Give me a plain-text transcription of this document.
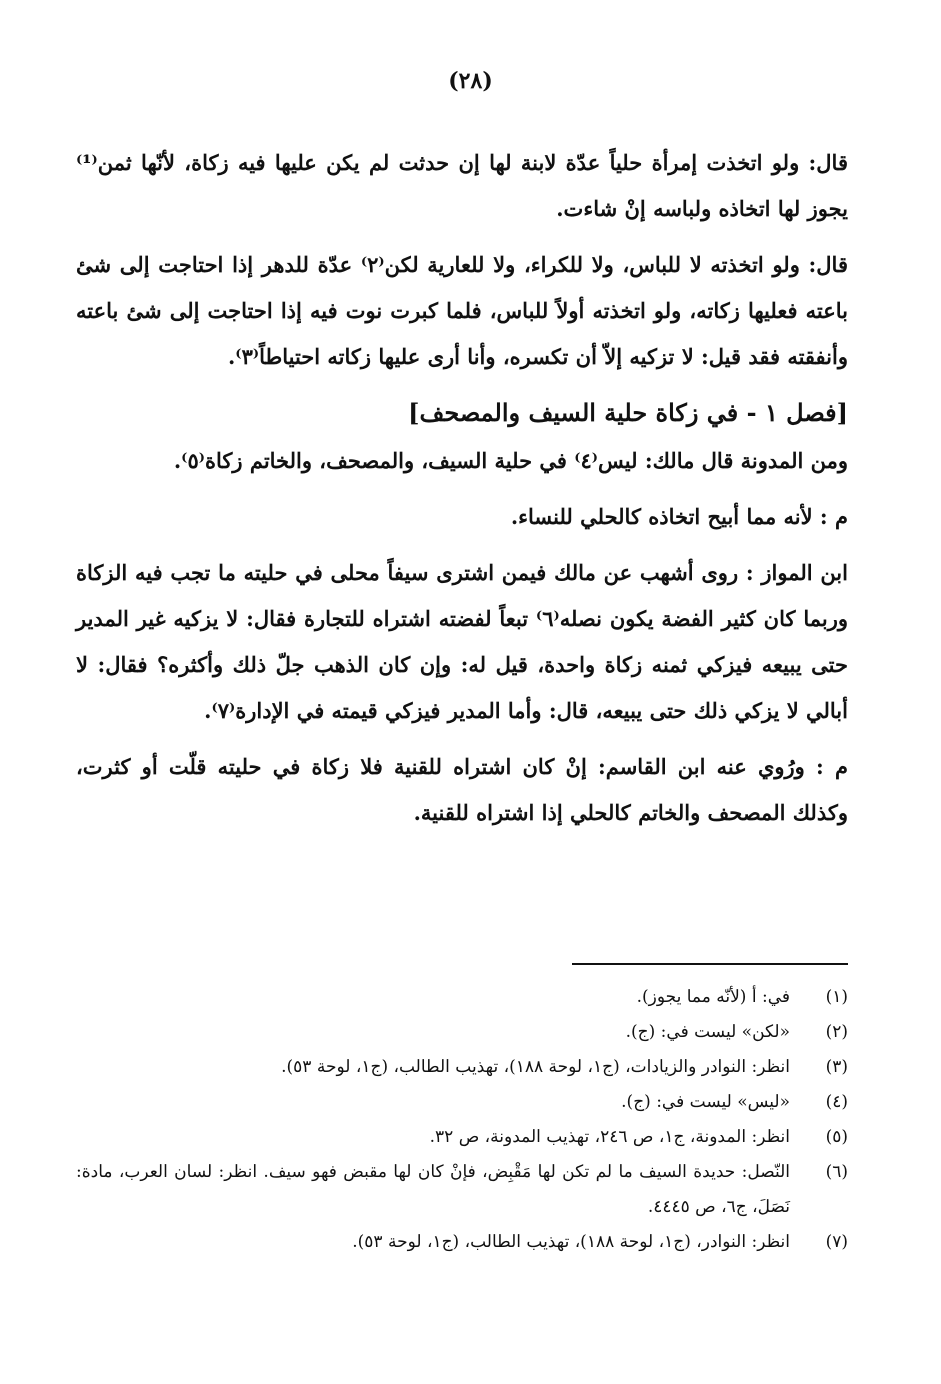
(٢٨)

قال: ولو اتخذت إمرأة حلياً عدّة لابنة لها إن حدثت لم يكن عليها فيه زكاة، لأنّها ثمن⁽¹⁾ يجوز لها اتخاذه ولباسه إنْ شاءت.

قال: ولو اتخذته لا للباس، ولا للكراء، ولا للعارية لكن⁽٢⁾ عدّة للدهر إذا احتاجت إلى شئ باعته فعليها زكاته، ولو اتخذته أولاً للباس، فلما كبرت نوت فيه إذا احتاجت إلى شئ باعته وأنفقته فقد قيل: لا تزكيه إلاّ أن تكسره، وأنا أرى عليها زكاته احتياطاً⁽٣⁾.

[فصل ١ - في زكاة حلية السيف والمصحف]

ومن المدونة قال مالك: ليس⁽٤⁾ في حلية السيف، والمصحف، والخاتم زكاة⁽٥⁾.

م : لأنه مما أبيح اتخاذه كالحلي للنساء.

ابن المواز : روى أشهب عن مالك فيمن اشترى سيفاً محلى في حليته ما تجب فيه الزكاة وربما كان كثير الفضة يكون نصله⁽٦⁾ تبعاً لفضته اشتراه للتجارة فقال: لا يزكيه غير المدير حتى يبيعه فيزكي ثمنه زكاة واحدة، قيل له: وإن كان الذهب جلّ ذلك وأكثره؟ فقال: لا أبالي لا يزكي ذلك حتى يبيعه، قال: وأما المدير فيزكي قيمته في الإدارة⁽٧⁾.

م : ورُوي عنه ابن القاسم: إنْ كان اشتراه للقنية فلا زكاة في حليته قلّت أو كثرت، وكذلك المصحف والخاتم كالحلي إذا اشتراه للقنية.

(١)
في: أ (لأنّه مما يجوز).
(٢)
«لكن» ليست في: (ج).
(٣)
انظر: النوادر والزيادات، (ج١، لوحة ١٨٨)، تهذيب الطالب، (ج١، لوحة ٥٣).
(٤)
«ليس» ليست في: (ج).
(٥)
انظر: المدونة، ج١، ص ٢٤٦، تهذيب المدونة، ص ٣٢.
(٦)
النّصل: حديدة السيف ما لم تكن لها مَقْبِض، فإنْ كان لها مقبض فهو سيف. انظر: لسان العرب، مادة: نَصَلَ، ج٦، ص ٤٤٤٥.
(٧)
انظر: النوادر، (ج١، لوحة ١٨٨)، تهذيب الطالب، (ج١، لوحة ٥٣).
